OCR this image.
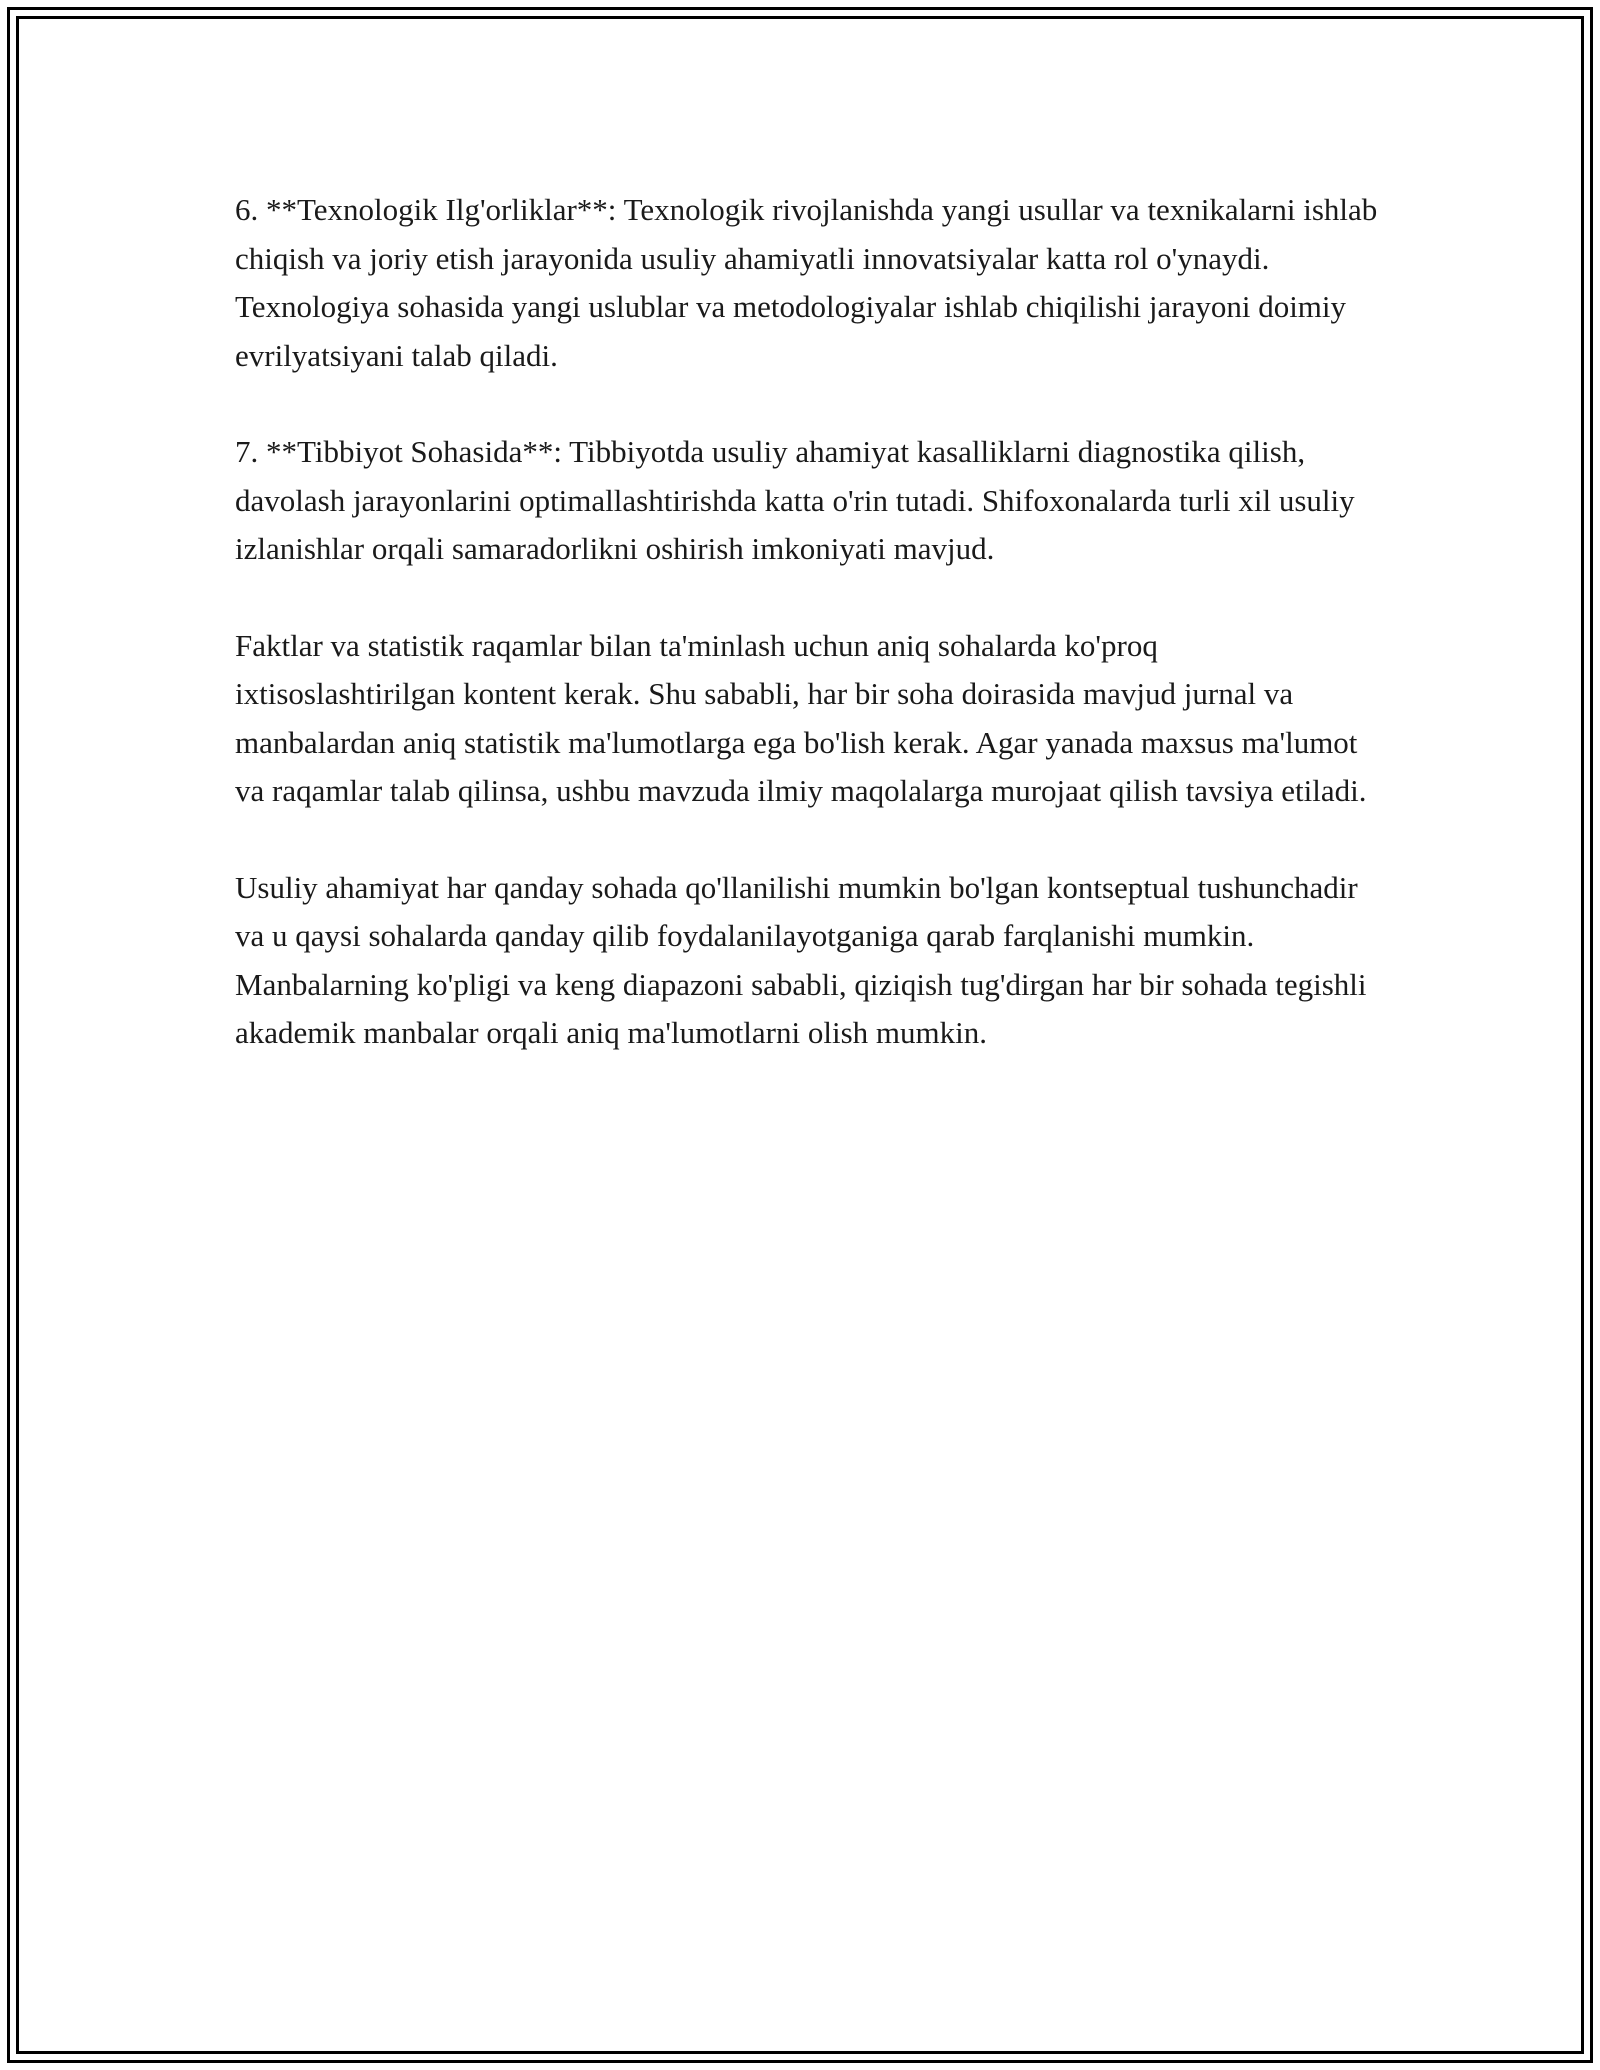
6. **Texnologik Ilg'orliklar**: Texnologik rivojlanishda yangi usullar va texnikalarni ishlab chiqish va joriy etish jarayonida usuliy ahamiyatli innovatsiyalar katta rol o'ynaydi. Texnologiya sohasida yangi uslublar va metodologiyalar ishlab chiqilishi jarayoni doimiy evrilyatsiyani talab qiladi.

7. **Tibbiyot Sohasida**: Tibbiyotda usuliy ahamiyat kasalliklarni diagnostika qilish, davolash jarayonlarini optimallashtirishda katta o'rin tutadi. Shifoxonalarda turli xil usuliy izlanishlar orqali samaradorlikni oshirish imkoniyati mavjud.

Faktlar va statistik raqamlar bilan ta'minlash uchun aniq sohalarda ko'proq ixtisoslashtirilgan kontent kerak. Shu sababli, har bir soha doirasida mavjud jurnal va manbalardan aniq statistik ma'lumotlarga ega bo'lish kerak. Agar yanada maxsus ma'lumot va raqamlar talab qilinsa, ushbu mavzuda ilmiy maqolalarga murojaat qilish tavsiya etiladi.

Usuliy ahamiyat har qanday sohada qo'llanilishi mumkin bo'lgan kontseptual tushunchadir va u qaysi sohalarda qanday qilib foydalanilayotganiga qarab farqlanishi mumkin. Manbalarning ko'pligi va keng diapazoni sababli, qiziqish tug'dirgan har bir sohada tegishli akademik manbalar orqali aniq ma'lumotlarni olish mumkin.
